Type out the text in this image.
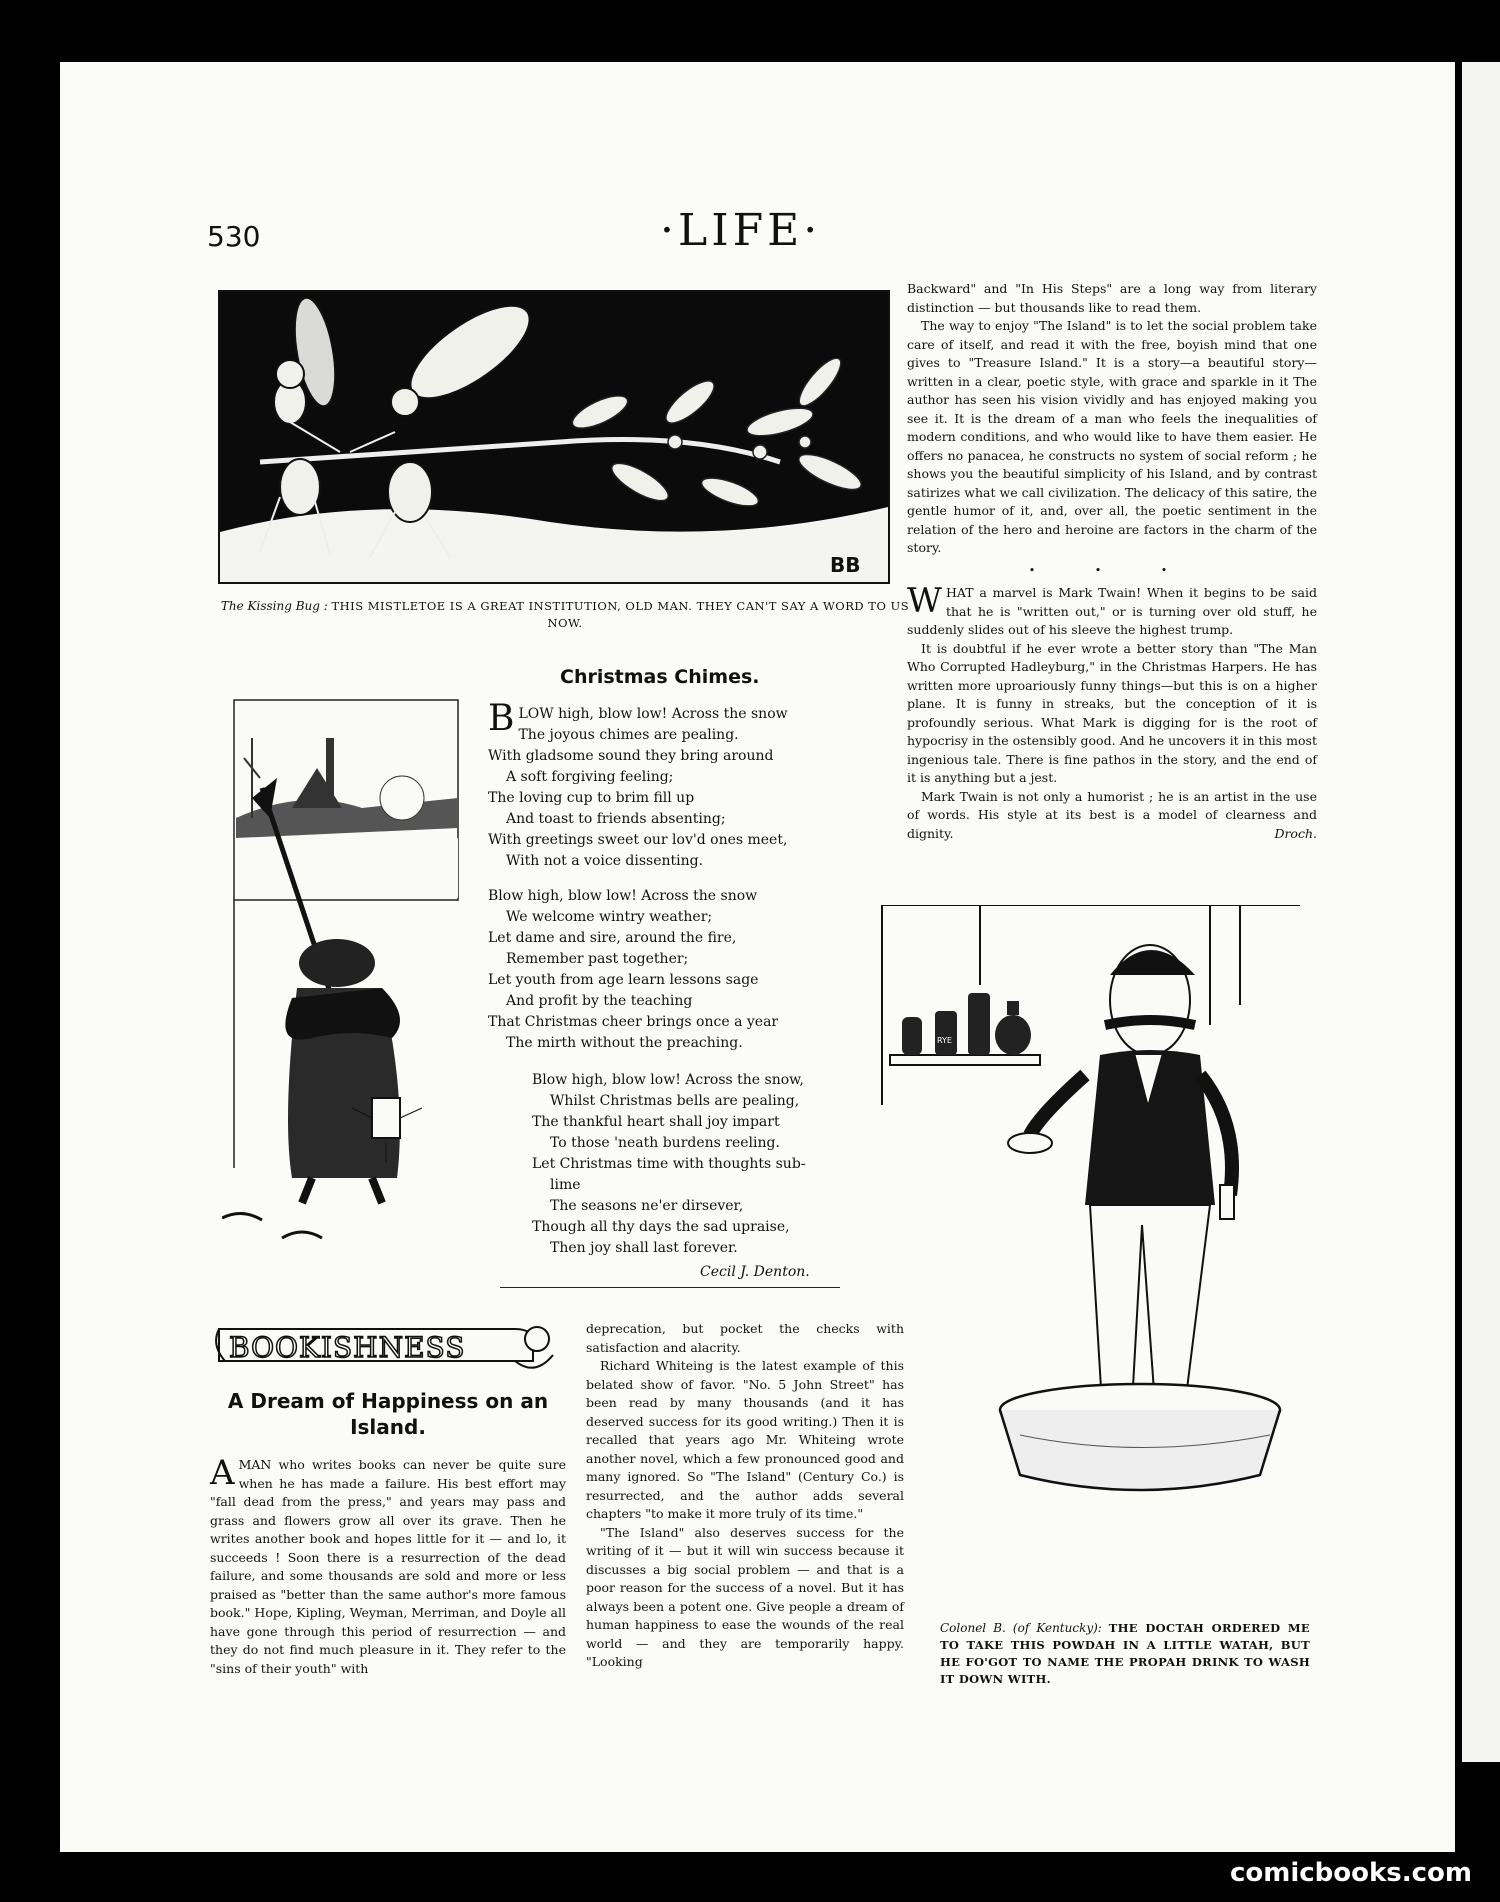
530	·LIFE·
BB
The Kissing Bug : THIS MISTLETOE IS A GREAT INSTITUTION, OLD MAN. THEY CAN'T SAY A WORD TO US NOW.

Backward" and "In His Steps" are a long way from literary distinction — but thousands like to read them.

The way to enjoy "The Island" is to let the social problem take care of itself, and read it with the free, boyish mind that one gives to "Treasure Island." It is a story—a beautiful story—written in a clear, poetic style, with grace and sparkle in it The author has seen his vision vividly and has enjoyed making you see it. It is the dream of a man who feels the inequalities of modern conditions, and who would like to have them easier. He offers no panacea, he constructs no system of social reform ; he shows you the beautiful simplicity of his Island, and by contrast satirizes what we call civilization. The delicacy of this satire, the gentle humor of it, and, over all, the poetic sentiment in the relation of the hero and heroine are factors in the charm of the story.

• • •

WHAT a marvel is Mark Twain! When it begins to be said that he is "written out," or is turning over old stuff, he suddenly slides out of his sleeve the highest trump.

It is doubtful if he ever wrote a better story than "The Man Who Corrupted Hadleyburg," in the Christmas Harpers. He has written more uproariously funny things—but this is on a higher plane. It is funny in streaks, but the conception of it is profoundly serious. What Mark is digging for is the root of hypocrisy in the ostensibly good. And he uncovers it in this most ingenious tale. There is fine pathos in the story, and the end of it is anything but a jest.

Mark Twain is not only a humorist ; he is an artist in the use of words. His style at its best is a model of clearness and dignity.	Droch.
Christmas Chimes.
B LOW high, blow low! Across the snow
The joyous chimes are pealing.
With gladsome sound they bring around
A soft forgiving feeling;
The loving cup to brim fill up
And toast to friends absenting;
With greetings sweet our lov'd ones meet,
With not a voice dissenting.
Blow high, blow low! Across the snow
We welcome wintry weather;
Let dame and sire, around the fire,
Remember past together;
Let youth from age learn lessons sage
And profit by the teaching
That Christmas cheer brings once a year
The mirth without the preaching.
Blow high, blow low! Across the snow,
Whilst Christmas bells are pealing,
The thankful heart shall joy impart
To those 'neath burdens reeling.
Let Christmas time with thoughts sub-
lime
The seasons ne'er dirsever,
Though all thy days the sad upraise,
Then joy shall last forever.
Cecil J. Denton.
BOOKISHNESS
A Dream of Happiness on an Island.

AMAN who writes books can never be quite sure when he has made a failure. His best effort may "fall dead from the press," and years may pass and grass and flowers grow all over its grave. Then he writes another book and hopes little for it — and lo, it succeeds ! Soon there is a resurrection of the dead failure, and some thousands are sold and more or less praised as "better than the same author's more famous book." Hope, Kipling, Weyman, Merriman, and Doyle all have gone through this period of resurrection — and they do not find much pleasure in it. They refer to the "sins of their youth" with

deprecation, but pocket the checks with satisfaction and alacrity.

Richard Whiteing is the latest example of this belated show of favor. "No. 5 John Street" has been read by many thousands (and it has deserved success for its good writing.) Then it is recalled that years ago Mr. Whiteing wrote another novel, which a few pronounced good and many ignored. So "The Island" (Century Co.) is resurrected, and the author adds several chapters "to make it more truly of its time."

"The Island" also deserves success for the writing of it — but it will win success because it discusses a big social problem — and that is a poor reason for the success of a novel. But it has always been a potent one. Give people a dream of human happiness to ease the wounds of the real world — and they are temporarily happy. "Looking

RYE
Colonel B. (of Kentucky): THE DOCTAH ORDERED ME TO TAKE THIS POWDAH IN A LITTLE WATAH, BUT HE FO'GOT TO NAME THE PROPAH DRINK TO WASH IT DOWN WITH.
comicbooks.com
